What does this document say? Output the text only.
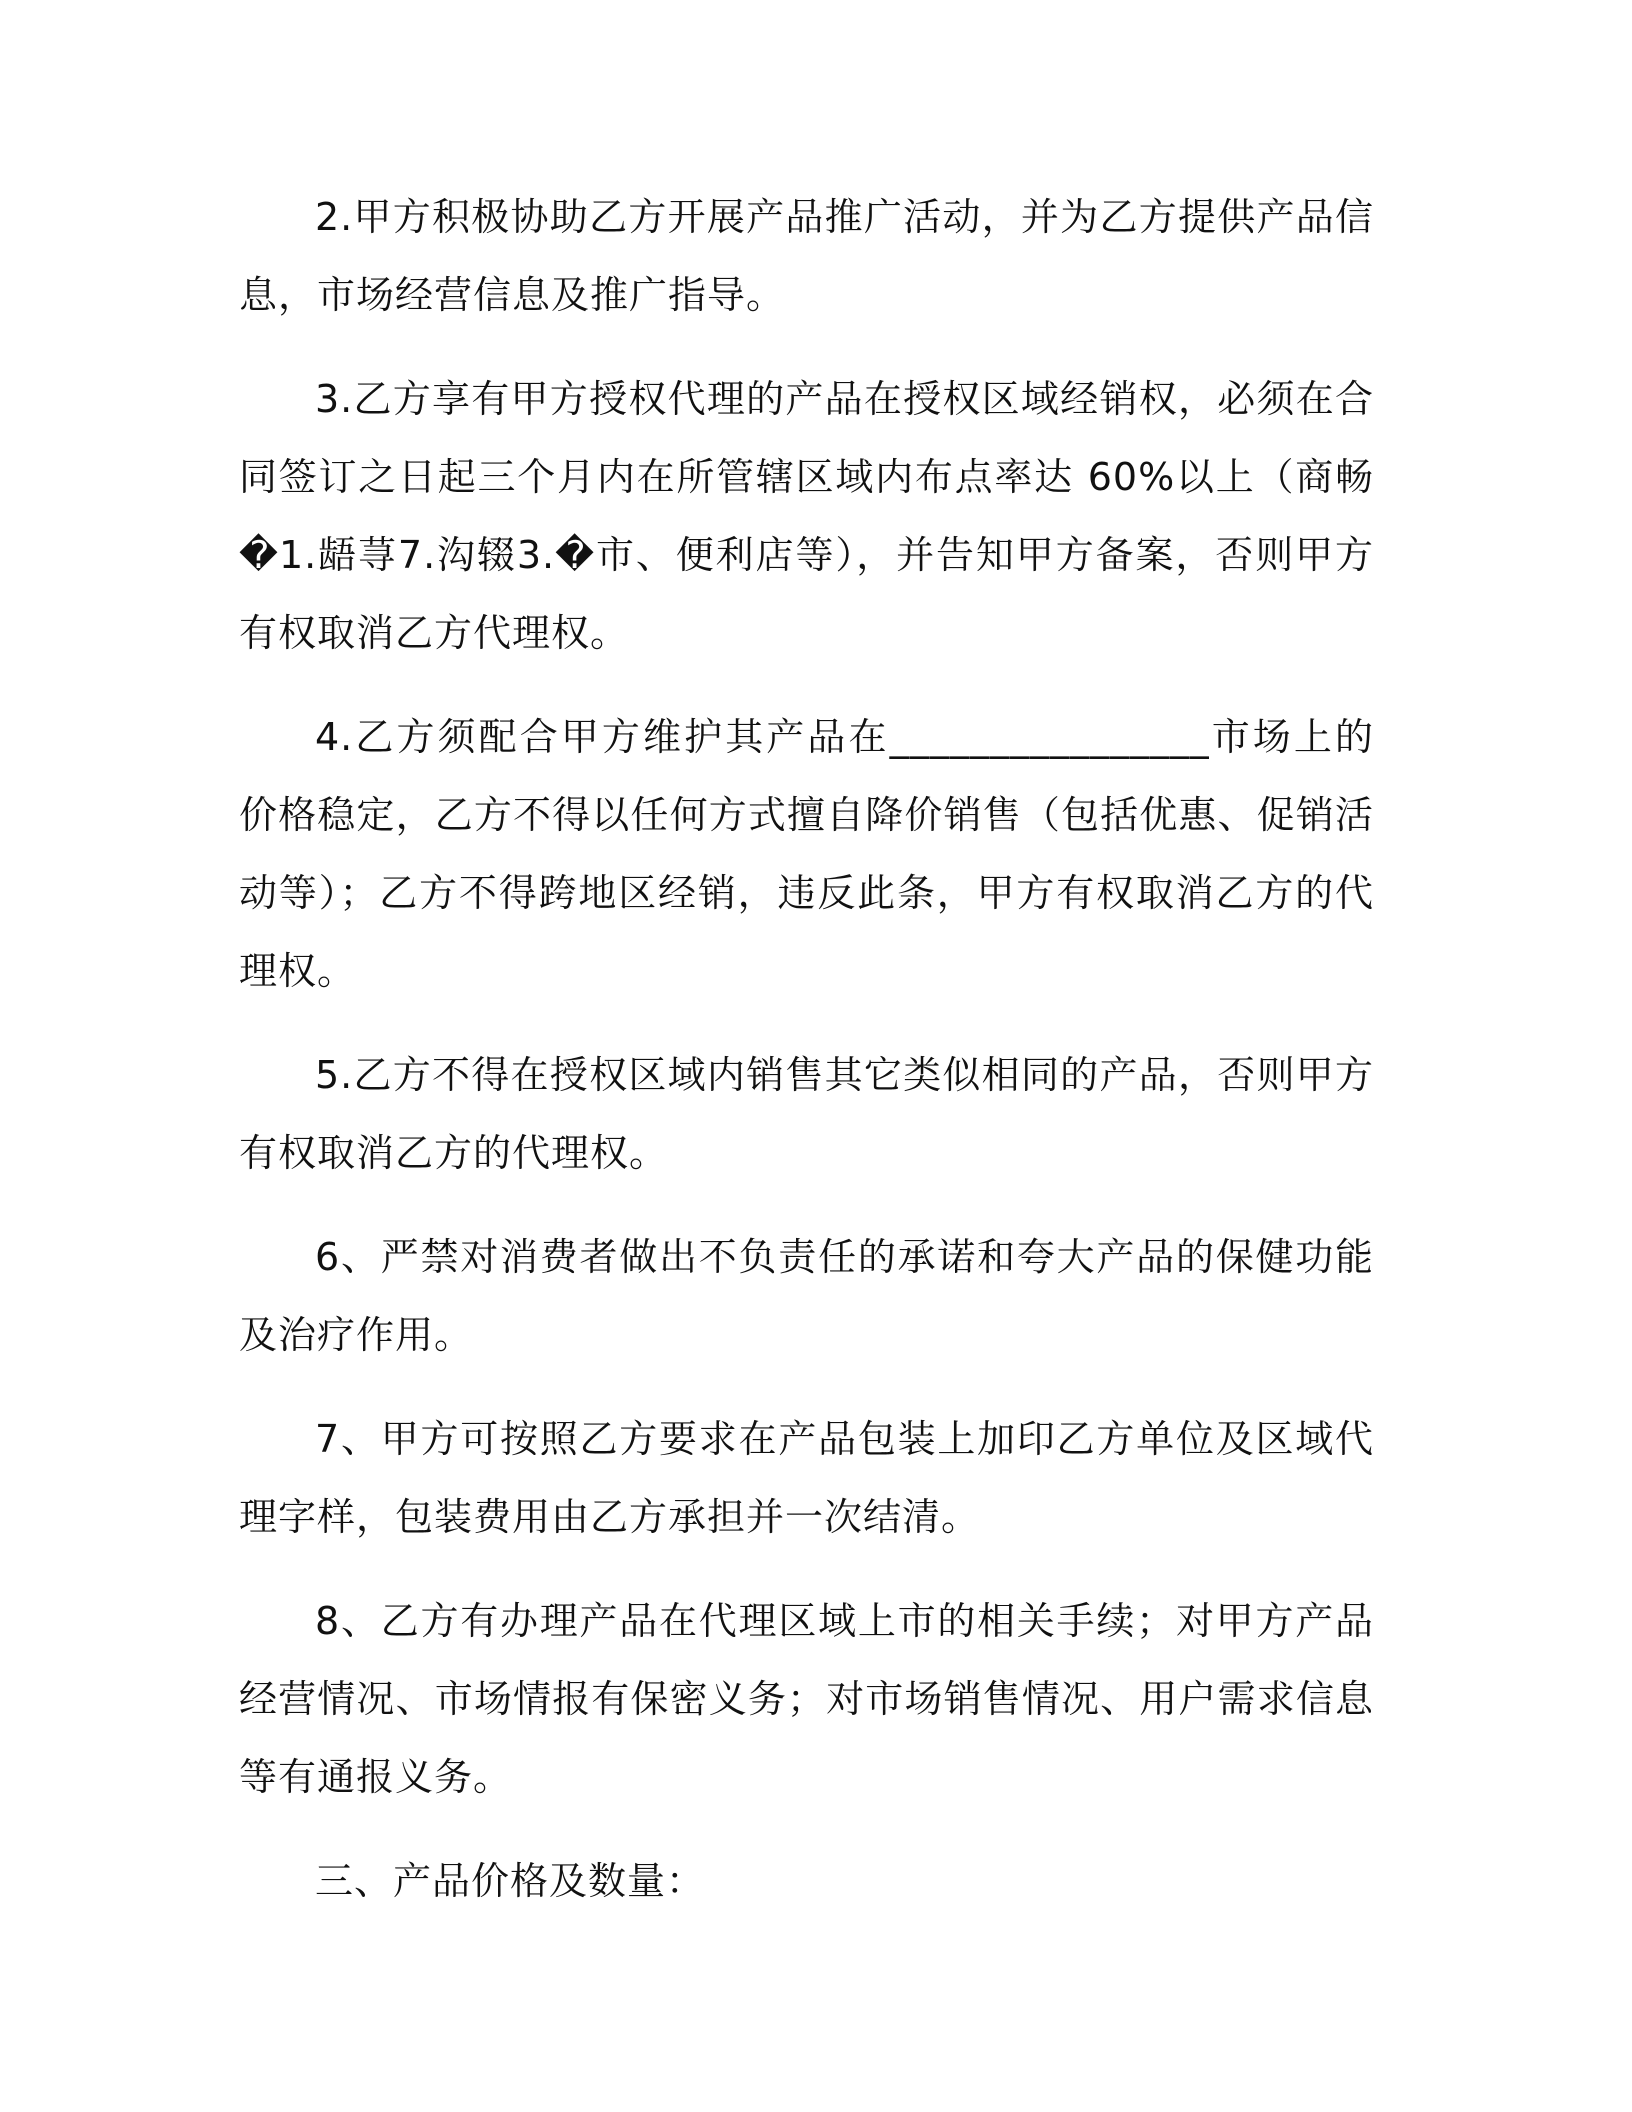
2.甲方积极协助乙方开展产品推广活动，并为乙方提供产品信息，市场经营信息及推广指导。

3.乙方享有甲方授权代理的产品在授权区域经销权，必须在合同签订之日起三个月内在所管辖区域内布点率达 60%以上（商畅�1.龉荨7.沟辍3.�市、便利店等），并告知甲方备案，否则甲方有权取消乙方代理权。

4.乙方须配合甲方维护其产品在________________市场上的价格稳定，乙方不得以任何方式擅自降价销售（包括优惠、促销活动等）；乙方不得跨地区经销，违反此条，甲方有权取消乙方的代理权。

5.乙方不得在授权区域内销售其它类似相同的产品，否则甲方有权取消乙方的代理权。

6、严禁对消费者做出不负责任的承诺和夸大产品的保健功能及治疗作用。

7、甲方可按照乙方要求在产品包装上加印乙方单位及区域代理字样，包装费用由乙方承担并一次结清。

8、乙方有办理产品在代理区域上市的相关手续；对甲方产品经营情况、市场情报有保密义务；对市场销售情况、用户需求信息等有通报义务。

三、产品价格及数量：
